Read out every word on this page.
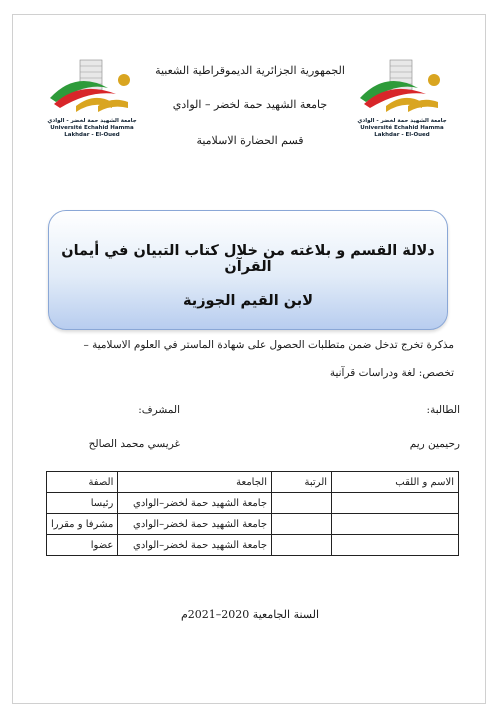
جامعة الشهيد حمة لخضر - الوادي
Université Echahid Hamma Lakhdar - El-Oued
جامعة الشهيد حمة لخضر - الوادي
Université Echahid Hamma Lakhdar - El-Oued
الجمهورية الجزائرية الديموقراطية الشعبية
جامعة الشهيد حمة لخضر – الوادي
قسم الحضارة الاسلامية
دلالة القسم و بلاغته من خلال كتاب التبيان في أيمان القرآن
لابن القيم الجوزية
مذكرة تخرج تدخل ضمن متطلبات الحصول على شهادة الماستر في العلوم الاسلامية –
تخصص: لغة ودراسات قرآنية
الطالبة:
المشرف:
رحيمين ريم
غريسي محمد الصالح
الاسم و اللقب	الرتبة	الجامعة	الصفة
		جامعة الشهيد حمة لخضر–الوادي	رئيسا
		جامعة الشهيد حمة لخضر–الوادي	مشرفا و مقررا
		جامعة الشهيد حمة لخضر–الوادي	عضوا
السنة الجامعية 2020–2021م
